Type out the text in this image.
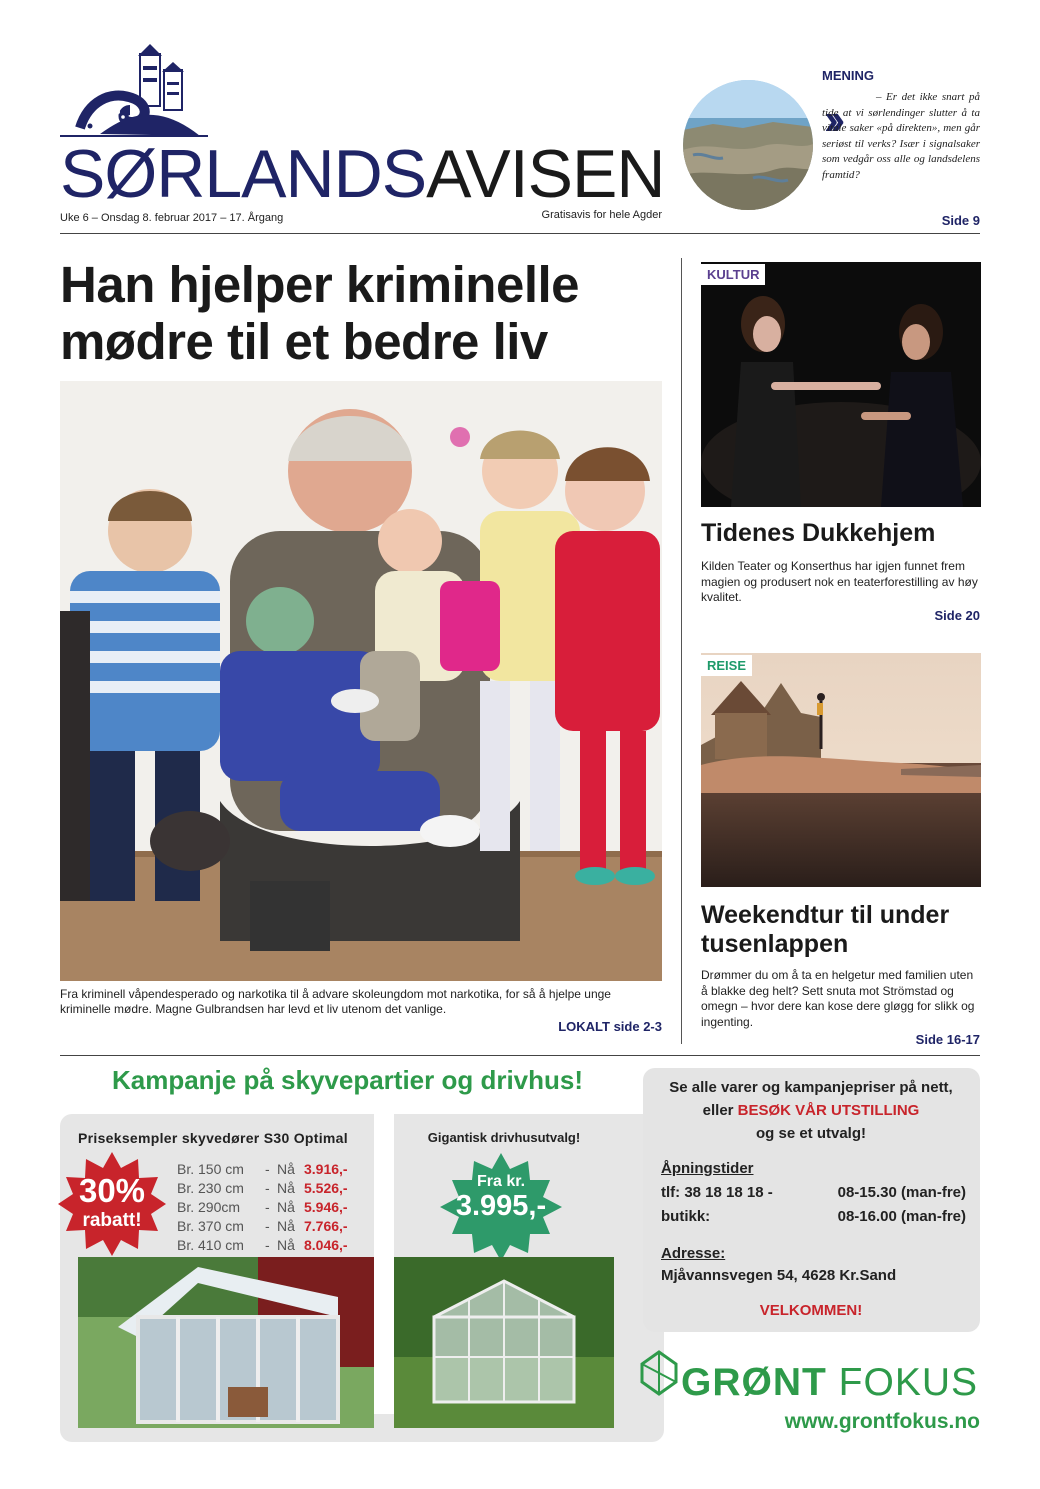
SØRLANDSAVISEN
Uke 6 – Onsdag 8. februar 2017 – 17. Årgang	Gratisavis for hele Agder
MENING
››	– Er det ikke snart på tide at vi sørlendinger slutter å ta vitale saker «på direkten», men går seriøst til verks? Især i signalsaker som vedgår oss alle og landsdelens framtid?
Side 9
Han hjelper kriminelle mødre til et bedre liv

Fra kriminell våpendesperado og narkotika til å advare skoleungdom mot narkotika, for så å hjelpe unge kriminelle mødre. Magne Gulbrandsen har levd et liv utenom det vanlige.

LOKALT side 2-3
KULTUR
Tidenes Dukkehjem

Kilden Teater og Konserthus har igjen funnet frem magien og produsert nok en teaterforestilling av høy kvalitet.

Side 20
REISE
Weekendtur til under tusenlappen

Drømmer du om å ta en helgetur med familien uten å blakke deg helt? Sett snuta mot Strömstad og omegn – hvor dere kan kose dere gløgg for slikk og ingenting.

Side 16-17
Kampanje på skyvepartier og drivhus!
Priseksempler skyvedører S30 Optimal	Gigantisk drivhusutvalg!
Br. 150 cm	- Nå 3.916,-
Br. 230 cm	- Nå 5.526,-
Br. 290cm	- Nå 5.946,-
Br. 370 cm	- Nå 7.766,-
Br. 410 cm	- Nå 8.046,-
30%
rabatt!
Fra kr.
3.995,-
Se alle varer og kampanjepriser på nett, eller BESØK VÅR UTSTILLING
og se et utvalg!
Åpningstider
tlf: 38 18 18 18 -	08-15.30 (man-fre)
butikk:	08-16.00 (man-fre)
Adresse:
Mjåvannsvegen 54, 4628 Kr.Sand
VELKOMMEN!
GRØNT FOKUS
www.grontfokus.no
